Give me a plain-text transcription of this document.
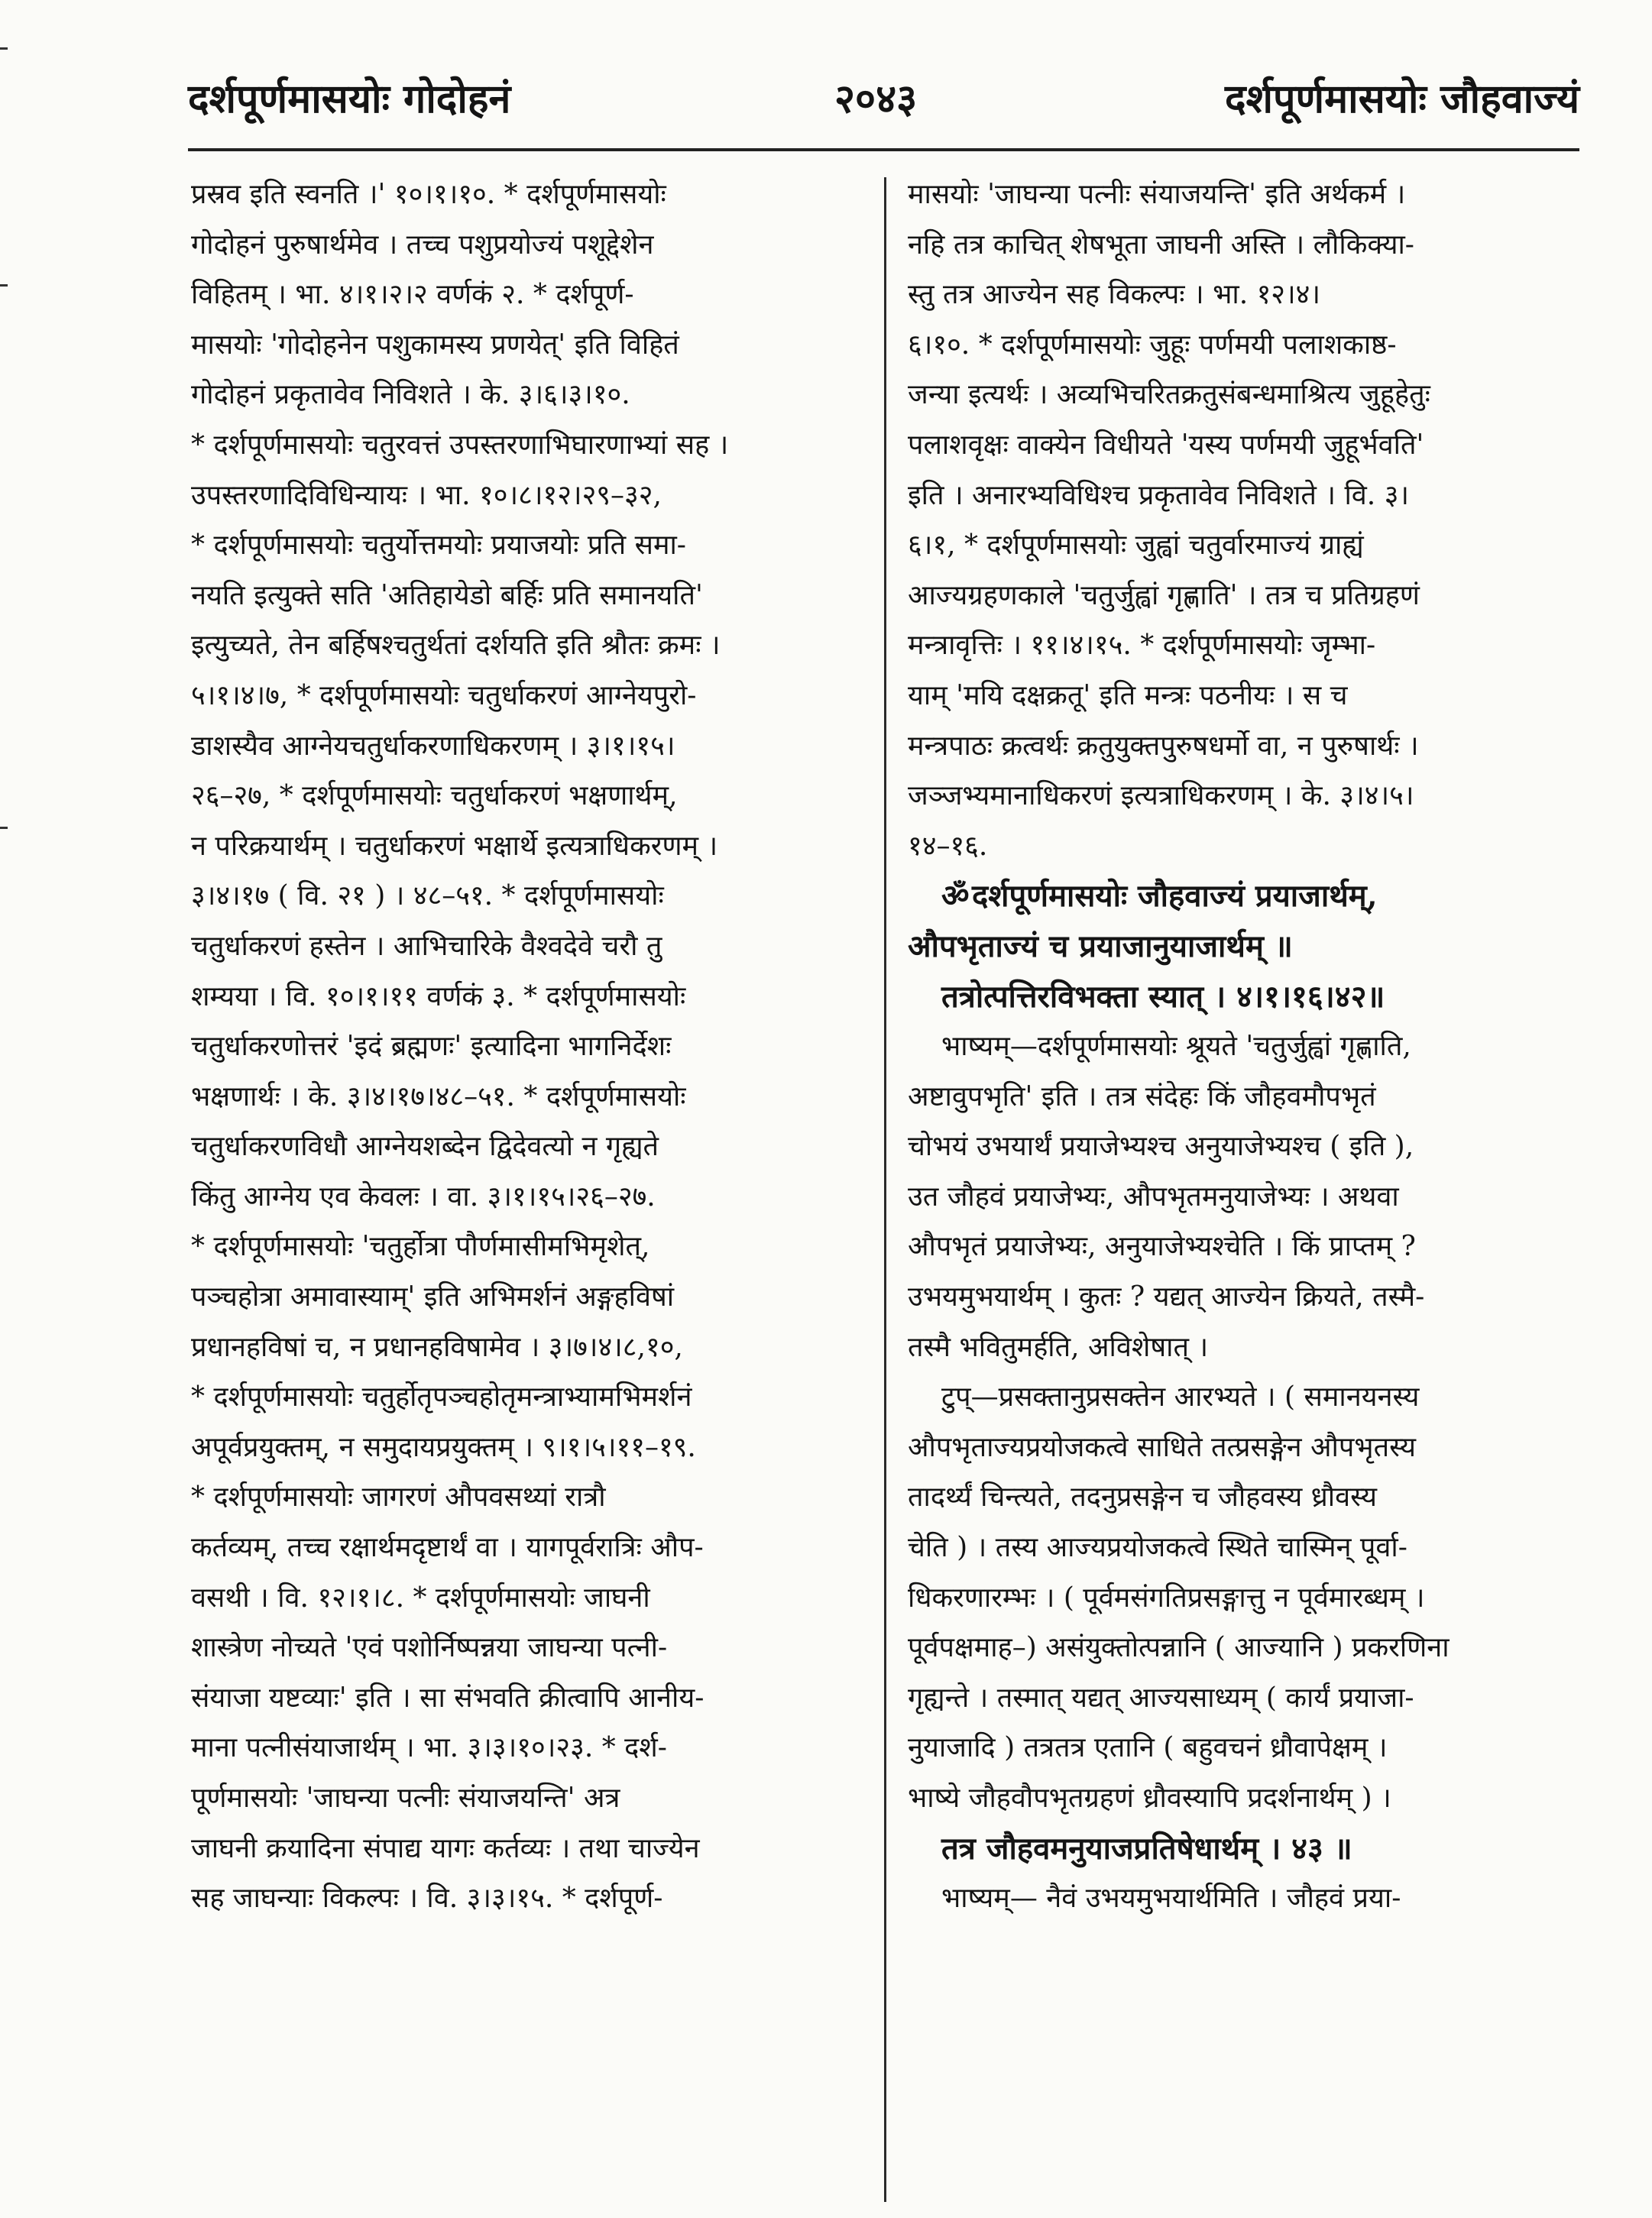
दर्शपूर्णमासयोः गोदोहनं	२०४३	दर्शपूर्णमासयोः जौहवाज्यं
प्रस्रव इति स्वनति ।' १०।१।१०. * दर्शपूर्णमासयोः
गोदोहनं पुरुषार्थमेव । तच्च पशुप्रयोज्यं पशूद्देशेन
विहितम् । भा. ४।१।२।२ वर्णकं २. * दर्शपूर्ण-
मासयोः 'गोदोहनेन पशुकामस्य प्रणयेत्' इति विहितं
गोदोहनं प्रकृतावेव निविशते । के. ३।६।३।१०.
* दर्शपूर्णमासयोः चतुरवत्तं उपस्तरणाभिघारणाभ्यां सह ।
उपस्तरणादिविधिन्यायः । भा. १०।८।१२।२९–३२,
* दर्शपूर्णमासयोः चतुर्योत्तमयोः प्रयाजयोः प्रति समा-
नयति इत्युक्ते सति 'अतिहायेडो बर्हिः प्रति समानयति'
इत्युच्यते, तेन बर्हिषश्चतुर्थतां दर्शयति इति श्रौतः क्रमः ।
५।१।४।७, * दर्शपूर्णमासयोः चतुर्धाकरणं आग्नेयपुरो-
डाशस्यैव आग्नेयचतुर्धाकरणाधिकरणम् । ३।१।१५।
२६–२७, * दर्शपूर्णमासयोः चतुर्धाकरणं भक्षणार्थम्,
न परिक्रयार्थम् । चतुर्धाकरणं भक्षार्थे इत्यत्राधिकरणम् ।
३।४।१७ ( वि. २१ ) । ४८–५१. * दर्शपूर्णमासयोः
चतुर्धाकरणं हस्तेन । आभिचारिके वैश्वदेवे चरौ तु
शम्यया । वि. १०।१।११ वर्णकं ३. * दर्शपूर्णमासयोः
चतुर्धाकरणोत्तरं 'इदं ब्रह्मणः' इत्यादिना भागनिर्देशः
भक्षणार्थः । के. ३।४।१७।४८–५१. * दर्शपूर्णमासयोः
चतुर्धाकरणविधौ आग्नेयशब्देन द्विदेवत्यो न गृह्यते
किंतु आग्नेय एव केवलः । वा. ३।१।१५।२६–२७.
* दर्शपूर्णमासयोः 'चतुर्होत्रा पौर्णमासीमभिमृशेत्,
पञ्चहोत्रा अमावास्याम्' इति अभिमर्शनं अङ्गहविषां
प्रधानहविषां च, न प्रधानहविषामेव । ३।७।४।८,१०,
* दर्शपूर्णमासयोः चतुर्होतृपञ्चहोतृमन्त्राभ्यामभिमर्शनं
अपूर्वप्रयुक्तम्, न समुदायप्रयुक्तम् । ९।१।५।११–१९.
* दर्शपूर्णमासयोः जागरणं औपवसथ्यां रात्रौ
कर्तव्यम्, तच्च रक्षार्थमदृष्टार्थं वा । यागपूर्वरात्रिः औप-
वसथी । वि. १२।१।८. * दर्शपूर्णमासयोः जाघनी
शास्त्रेण नोच्यते 'एवं पशोर्निष्पन्नया जाघन्या पत्नी-
संयाजा यष्टव्याः' इति । सा संभवति क्रीत्वापि आनीय-
माना पत्नीसंयाजार्थम् । भा. ३।३।१०।२३. * दर्श-
पूर्णमासयोः 'जाघन्या पत्नीः संयाजयन्ति' अत्र
जाघनी क्रयादिना संपाद्य यागः कर्तव्यः । तथा चाज्येन
सह जाघन्याः विकल्पः । वि. ३।३।१५. * दर्शपूर्ण-
मासयोः 'जाघन्या पत्नीः संयाजयन्ति' इति अर्थकर्म ।
नहि तत्र काचित् शेषभूता जाघनी अस्ति । लौकिक्या-
स्तु तत्र आज्येन सह विकल्पः । भा. १२।४।
६।१०. * दर्शपूर्णमासयोः जुहूः पर्णमयी पलाशकाष्ठ-
जन्या इत्यर्थः । अव्यभिचरितक्रतुसंबन्धमाश्रित्य जुहूहेतुः
पलाशवृक्षः वाक्येन विधीयते 'यस्य पर्णमयी जुहूर्भवति'
इति । अनारभ्यविधिश्च प्रकृतावेव निविशते । वि. ३।
६।१, * दर्शपूर्णमासयोः जुह्वां चतुर्वारमाज्यं ग्राह्यं
आज्यग्रहणकाले 'चतुर्जुह्वां गृह्णाति' । तत्र च प्रतिग्रहणं
मन्त्रावृत्तिः । ११।४।१५. * दर्शपूर्णमासयोः जृम्भा-
याम् 'मयि दक्षक्रतू' इति मन्त्रः पठनीयः । स च
मन्त्रपाठः क्रत्वर्थः क्रतुयुक्तपुरुषधर्मो वा, न पुरुषार्थः ।
जञ्जभ्यमानाधिकरणं इत्यत्राधिकरणम् । के. ३।४।५।
१४–१६.
ॐदर्शपूर्णमासयोः जौहवाज्यं प्रयाजार्थम्,
औपभृताज्यं च प्रयाजानुयाजार्थम् ॥
तत्रोत्पत्तिरविभक्ता स्यात् । ४।१।१६।४२॥
भाष्यम्—दर्शपूर्णमासयोः श्रूयते 'चतुर्जुह्वां गृह्णाति,
अष्टावुपभृति' इति । तत्र संदेहः किं जौहवमौपभृतं
चोभयं उभयार्थं प्रयाजेभ्यश्च अनुयाजेभ्यश्च ( इति ),
उत जौहवं प्रयाजेभ्यः, औपभृतमनुयाजेभ्यः । अथवा
औपभृतं प्रयाजेभ्यः, अनुयाजेभ्यश्चेति । किं प्राप्तम् ?
उभयमुभयार्थम् । कुतः ? यद्यत् आज्येन क्रियते, तस्मै-
तस्मै भवितुमर्हति, अविशेषात् ।
टुप्—प्रसक्तानुप्रसक्तेन आरभ्यते । ( समानयनस्य
औपभृताज्यप्रयोजकत्वे साधिते तत्प्रसङ्गेन औपभृतस्य
तादर्थ्यं चिन्त्यते, तदनुप्रसङ्गेन च जौहवस्य ध्रौवस्य
चेति ) । तस्य आज्यप्रयोजकत्वे स्थिते चास्मिन् पूर्वा-
धिकरणारम्भः । ( पूर्वमसंगतिप्रसङ्गात्तु न पूर्वमारब्धम् ।
पूर्वपक्षमाह–) असंयुक्तोत्पन्नानि ( आज्यानि ) प्रकरणिना
गृह्यन्ते । तस्मात् यद्यत् आज्यसाध्यम् ( कार्यं प्रयाजा-
नुयाजादि ) तत्रतत्र एतानि ( बहुवचनं ध्रौवापेक्षम् ।
भाष्ये जौहवौपभृतग्रहणं ध्रौवस्यापि प्रदर्शनार्थम् ) ।
तत्र जौहवमनुयाजप्रतिषेधार्थम् । ४३ ॥
भाष्यम्— नैवं उभयमुभयार्थमिति । जौहवं प्रया-
